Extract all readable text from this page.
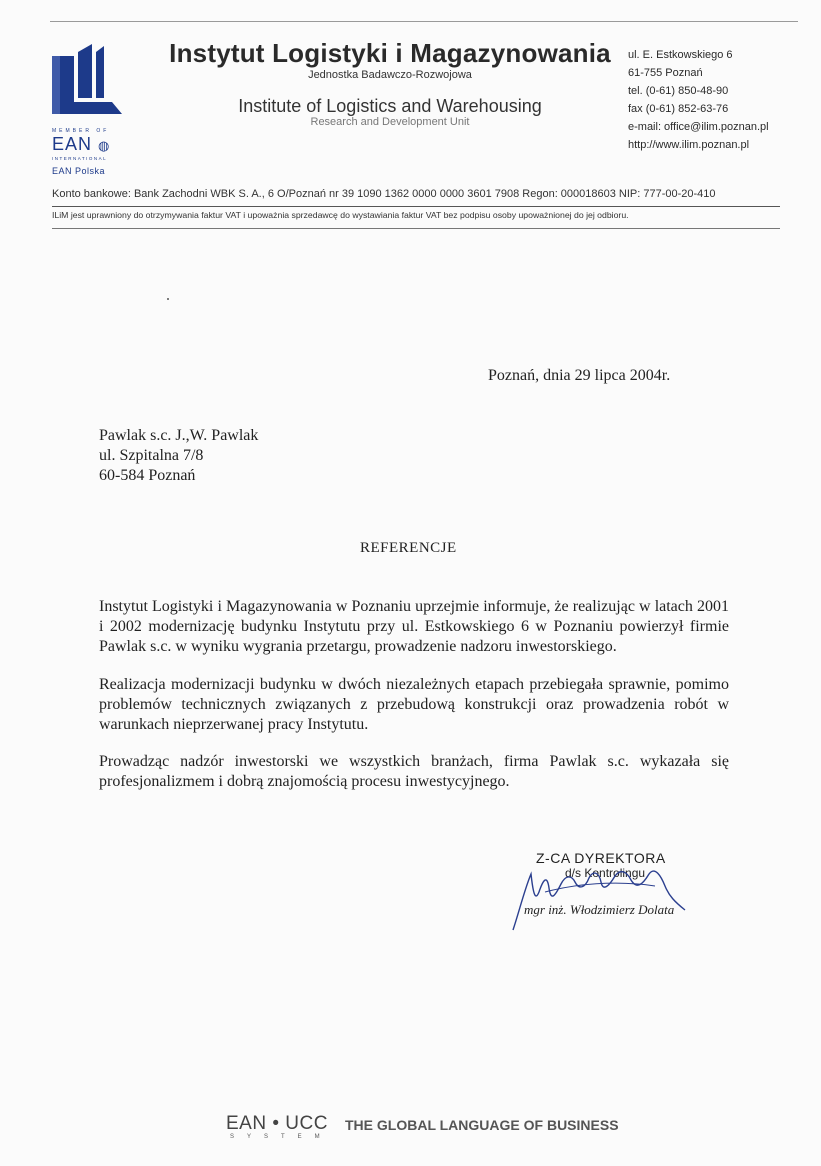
MEMBER OF
EAN ◍
INTERNATIONAL
EAN Polska
Instytut Logistyki i Magazynowania
Jednostka Badawczo-Rozwojowa
Institute of Logistics and Warehousing
Research and Development Unit
ul. E. Estkowskiego 6
61-755 Poznań
tel. (0-61) 850-48-90
fax (0-61) 852-63-76
e-mail: office@ilim.poznan.pl
http://www.ilim.poznan.pl
Konto bankowe: Bank Zachodni WBK S. A., 6 O/Poznań nr 39 1090 1362 0000 0000 3601 7908 Regon: 000018603 NIP: 777-00-20-410
ILiM jest uprawniony do otrzymywania faktur VAT i upoważnia sprzedawcę do wystawiania faktur VAT bez podpisu osoby upoważnionej do jej odbioru.
Poznań, dnia 29 lipca 2004r.
Pawlak s.c. J.,W. Pawlak
ul. Szpitalna 7/8
60-584 Poznań
REFERENCJE
Instytut Logistyki i Magazynowania w Poznaniu uprzejmie informuje, że realizując w latach 2001 i 2002 modernizację budynku Instytutu przy ul. Estkowskiego 6 w Poznaniu powierzył firmie Pawlak s.c. w wyniku wygrania przetargu, prowadzenie nadzoru inwestorskiego.
Realizacja modernizacji budynku w dwóch niezależnych etapach przebiegała sprawnie, pomimo problemów technicznych związanych z przebudową konstrukcji oraz prowadzenia robót w warunkach nieprzerwanej pracy Instytutu.
Prowadząc nadzór inwestorski we wszystkich branżach, firma Pawlak s.c. wykazała się profesjonalizmem i dobrą znajomością procesu inwestycyjnego.
Z-CA DYREKTORA
d/s Kontrolingu
mgr inż. Włodzimierz Dolata
EAN • UCC
SYSTEM
THE GLOBAL LANGUAGE OF BUSINESS
